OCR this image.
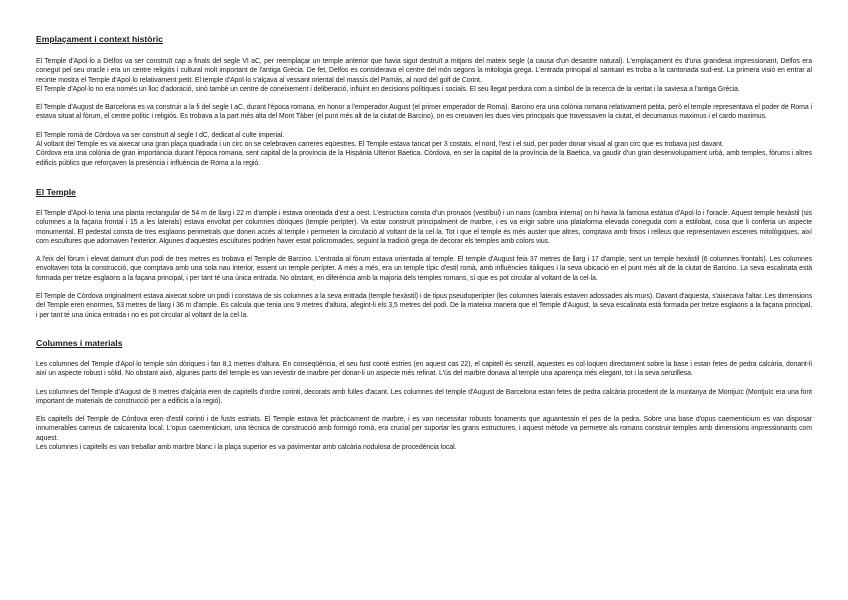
Emplaçament i context històric

El Temple d'Apol·lo a Delfos va ser construït cap a finals del segle VI aC, per reemplaçar un temple anterior que havia sigut destruït a mitjans del mateix segle (a causa d'un desastre natural). L'emplaçament és d'una grandesa impressionant, Delfos era conegut pel seu oracle i era un centre religiós i cultural molt important de l'antiga Grècia. De fet, Delfos es considerava el centre del món segons la mitologia grega. L'entrada principal al santuari es troba a la cantonada sud-est. La primera visió en entrar al recinte mostra el Temple d'Apol·lo relativament petit. El temple d'Apol·lo s'alçava al vessant oriental del massís del Parnàs, al nord del golf de Corint.

El Temple d'Apol·lo no era només un lloc d'adoració, sinó també un centre de coneixement i deliberació, influint en decisions polítiques i socials. El seu llegat perdura com a símbol de la recerca de la veritat i la saviesa a l'antiga Grècia.

El Temple d'August de Barcelona es va construir a la fi del segle I aC, durant l'època romana, en honor a l'emperador August (el primer emperador de Roma). Barcino era una colònia romana relativament petita, però el temple representava el poder de Roma i estava situat al fòrum, el centre polític i religiós. Es trobava a la part més alta del Mont Tàber (el punt més alt de la ciutat de Barcino), on es creuaven les dues vies principals que travessaven la ciutat, el decumanus maximus i el cardo maximus.

El Temple romà de Còrdova va ser construït al segle I dC, dedicat al culte imperial.

Al voltant del Temple es va aixecar una gran plaça quadrada i un circ on se celebraven carreres eqüestres. El Temple estava tancat per 3 costats, el nord, l'est i el sud, per poder donar visual al gran circ que es trobava just davant.

Còrdova era una colònia de gran importància durant l'època romana, sent capital de la província de la Hispània Ulterior Baetica. Còrdova, en ser la capital de la província de la Baetica, va gaudir d'un gran desenvolupament urbà, amb temples, fòrums i altres edificis públics que reforçaven la presència i influència de Roma a la regió.

El Temple

El Temple d'Apol·lo tenia una planta rectangular de 54 m de llarg i 22 m d'ample i estava orientada d'est a oest. L'estructura consta d'un pronaos (vestíbul) i un naos (cambra interna) on hi havia la famosa estàtua d'Apol·lo i l'oracle. Aquest temple hexàstil (sis columnes a la façana frontal i 15 a les laterals) estava envoltat per columnes dòriques (temple perípter). Va estar construït principalment de marbre, i es va erigir sobre una plataforma elevada coneguda com a estilobat, cosa que li conferia un aspecte monumental. El pedestal consta de tres esglaons perimetrals que donen accés al temple i permeten la circulació al voltant de la cel·la. Tot i que el temple és més auster que altres, comptava amb frisos i relleus que representaven escenes mitològiques, així com escultures que adornaven l'exterior. Algunes d'aquestes escultures podrien haver estat policromades, seguint la tradició grega de decorar els temples amb colors vius.

A l'eix del fòrum i elevat damunt d'un podi de tres metres es trobava el Temple de Barcino. L'entrada al fòrum estava orientada al temple. El temple d'August feia 37 metres de llarg i 17 d'ample, sent un temple hexàstil (6 columnes frontals). Les columnes envoltaven tota la construcció, que comptava amb una sola nau interior, essent un temple perípter. A més a més, era un temple típic d'estil romà, amb influències itàliques i la seva ubicació en el punt més alt de la ciutat de Barcino. La seva escalinata està formada per tretze esglaons a la façana principal, i per tant té una única entrada. No obstant, en diferència amb la majoria dels temples romans, sí que es pot circular al voltant de la cel·la.

El Temple de Còrdova originalment estava aixecat sobre un podi i constava de sis columnes a la seva entrada (temple hexàstil) i de tipus pseudoperípter (les columnes laterals estaven adossades als murs). Davant d'aquesta, s'aixecava l'altar. Les dimensions del Temple eren enormes, 53 metres de llarg i 36 m d'ample. Es calcula que tenia uns 9 metres d'altura, afegint-li els 3,5 metres del podi. De la mateixa manera que el Temple d'August, la seva escalinata està formada per tretze esglaons a la façana principal, i per tant té una única entrada i no es pot circular al voltant de la cel·la.

Columnes i materials

Les columnes del Temple d'Apol·lo temple són dòriques i fan 8,1 metres d'altura. En conseqüència, el seu fust conté estries (en aquest cas 22), el capitell és senzill, aquestes es col·loquen directament sobre la base i estan fetes de pedra calcària, donant-li així un aspecte robust i sòlid. No obstant això, algunes parts del temple es van revestir de marbre per donar-li un aspecte més refinat. L'ús del marbre donava al temple una aparença més elegant, tot i la seva senzillesa.

Les columnes del Temple d'August de 9 metres d'alçària eren de capitells d'ordre corinti, decorats amb fulles d'acant. Les columnes del temple d'August de Barcelona estan fetes de pedra calcària procedent de la muntanya de Montjuïc (Montjuïc era una font important de materials de construcció per a edificis a la regió).

Els capitells del Temple de Còrdova eren d'estil corinti i de fusts estriats. El Temple estava fet pràcticament de marbre, i es van necessitar robusts fonaments que aguantessin el pes de la pedra. Sobre una base d'opus caementicium es van disposar innumerables carreus de calcarenita local. L'opus caementicium, una tècnica de construcció amb formigó romà, era crucial per suportar les grans estructures, i aquest mètode va permetre als romans construir temples amb dimensions impressionants com aquest.

Les columnes i capitells es van treballar amb marbre blanc i la plaça superior es va pavimentar amb calcària nodulosa de procedència local.
